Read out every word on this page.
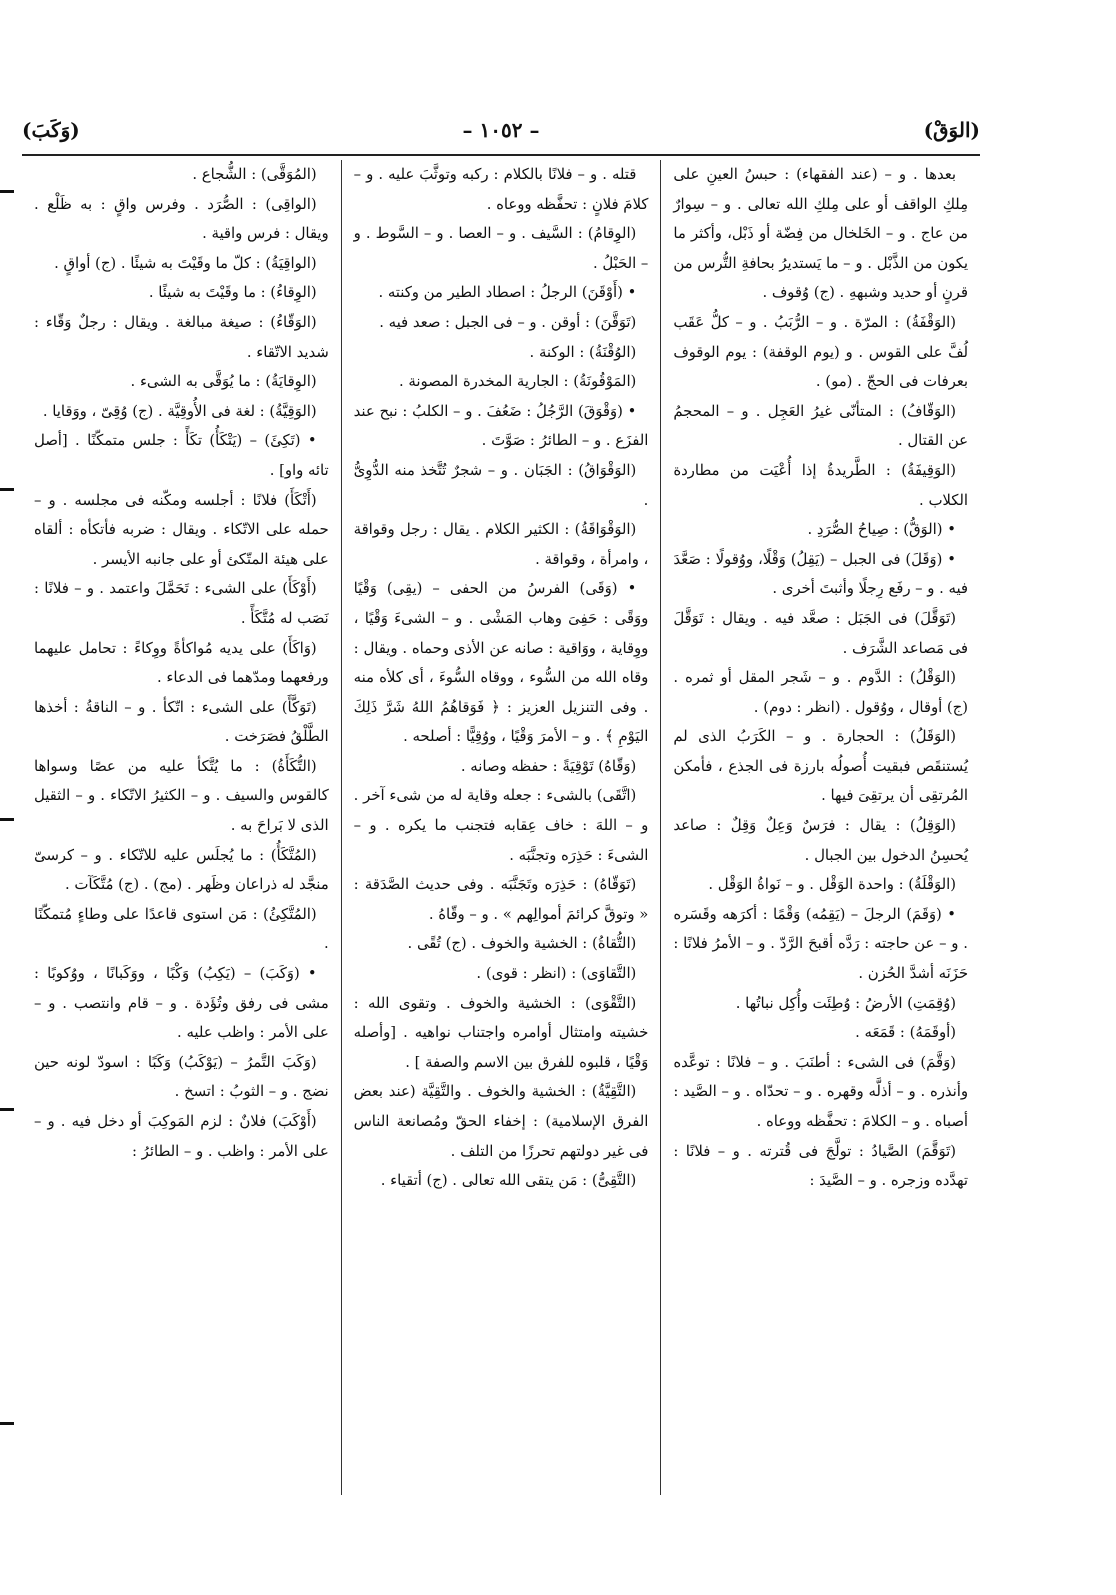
– ١٠٥٢ –	(الوَقْ)
(وَكَبَ)

بعدها . و – (عند الفقهاء) : حبسُ العينِ على مِلكِ الواقف أو على مِلكِ الله تعالى . و – سِوارٌ من عاج . و – الخَلخال من فِضّة أو ذَبْل، وأكثر ما يكون من الذَّبْل . و – ما يَستديرُ بحافةِ التُّرس من قرنٍ أو حديد وشبههِ . (ج) وُقوف .

(الوَقْفَةُ) : المرّة . و – الرُّبَبُ . و – كلُّ عَقَب لُفَّ على القوس . و (يوم الوقفة) : يوم الوقوف بعرفات فى الحجّ . (مو) .

(الوَقّافُ) : المتأنّى غيرُ العَجِل . و – المحجمُ عن القتال .

(الوَقِيفَةُ) : الطَّريدةُ إذا أُعْيَت من مطاردة الكلاب .

• (الوَقُّ) : صِياحُ الصُّرَدِ .

• (وَقَلَ) فى الجبل – (يَقِلُ) وَقْلًا، ووُقولًا : صَعَّدَ فيه . و – رفَع رِجلًا وأثبتَ أخرى .

(تَوَقَّلَ) فى الجَبَل : صعَّد فيه . ويقال : تَوَقَّلَ فى مَصاعد الشَّرَف .

(الوَقْلُ) : الدَّوم . و – شَجر المقل أو ثمره . (ج) أوقال ، ووُقول . (انظر : دوم) .

(الوَقَلُ) : الحجارة . و – الكَرَبُ الذى لم يُستنقَص فبقيت أُصولُه بارزة فى الجذع ، فأمكن المُرتقِى أن يرتقِىَ فيها .

(الوَقِلُ) : يقال : فرَسٌ وَعِلٌ وَقِلٌ : صاعد يُحسِنُ الدخول بين الجبال .

(الوَقْلَةُ) : واحدة الوَقْل . و – نَواةُ الوَقْل .

• (وَقَمَ) الرجلَ – (يَقِمُه) وَقْمًا : أكرَهه وقَسَره . و – عن حاجته : رَدَّه أقبحَ الرَّدّ . و – الأمرُ فلانًا : حَزَنَه أشدَّ الحُزن .

(وُقِمَتِ) الأرضُ : وُطِئَت وأُكِل نباتُها .

(أوقَمَهُ) : قَمَعَه .

(وَقَّمَ) فى الشىء : أطنَبَ . و – فلانًا : توعَّده وأنذره . و – أذلَّه وقهره . و – تحدّاه . و – الصَّيد : أصباه . و – الكلامَ : تحفَّظه ووعاه .

(تَوَقَّمَ) الصَّيادُ : تولَّجَ فى قُترته . و – فلانًا : تهدَّده وزجره . و – الصَّيدَ :

قتله . و – فلانًا بالكلام : ركبه وتوثَّبَ عليه . و – كلامَ فلانٍ : تحفَّظه ووعاه .

(الوِقامُ) : السَّيف . و – العصا . و – السَّوط . و – الحَبْلُ .

• (أَوْقَنَ) الرجلُ : اصطاد الطير من وكنته .

(تَوَقَّنَ) : أوقن . و – فى الجبل : صعد فيه .

(الوُقْنَةُ) : الوكنة .

(المَوْقُونَةُ) : الجارية المخدرة المصونة .

• (وَقْوَقَ) الرَّجُلُ : ضَعُفَ . و – الكلبُ : نبح عند الفزَع . و – الطائرُ : صَوَّتَ .

(الوَقْوَاقُ) : الجَبَان . و – شجرٌ تُتَّخذ منه الدُّوِىُّ .

(الوَقْوَاقَةُ) : الكثير الكلام . يقال : رجل وقواقة ، وامرأة ، وقواقة .

• (وَقَى) الفرسُ من الحفى – (يقِى) وَقْيًا ووَقًى : حَفِىَ وهاب المَشْى . و – الشىءَ وَقْيًا ، ووِقاية ، ووَاقية : صانه عن الأذى وحماه . ويقال : وقاه الله من السُّوء ، ووقاه السُّوءَ ، أى كلأه منه . وفى التنزيل العزيز : ﴿ فَوَقاهُمُ اللهُ شَرَّ ذَلِكَ اليَوْمِ ﴾ . و – الأمرَ وَقْيًا ، ووُقِيًّا : أصلحه .

(وَقّاهُ) تَوْقِيَةً : حفظه وصانه .

(اتَّقَى) بالشىء : جعله وقاية له من شىء آخر . و – اللهَ : خاف عِقابه فتجنب ما يكره . و – الشىءَ : حَذِرَه وتجنَّبَه .

(تَوَقّاهُ) : حَذِرَه وتَجَنَّبَه . وفى حديث الصَّدَقة : « وتوقَّ كرائمَ أموالِهم » . و – وقّاهُ .

(التُّقاةُ) : الخشية والخوف . (ج) تُقًى .

(التَّقاوَى) : (انظر : قوى) .

(التَّقْوَى) : الخشية والخوف . وتقوى الله : خشيته وامتثال أوامره واجتناب نواهيه . [وأصله وَقْيًا ، قلبوه للفرق بين الاسم والصفة ] .

(التَّقِيَّةُ) : الخشية والخوف . والتَّقِيَّة (عند بعض الفرق الإسلامية) : إخفاء الحقّ ومُصانعة الناس فى غير دولتهم تحرزًا من التلف .

(التَّقِىُّ) : مَن يتقى الله تعالى . (ج) أتقياء .

(المُوَقَّى) : الشُّجاع .

(الواقِى) : الصُّرَد . وفرس واقٍ : به ظَلْع . ويقال : فرس واقية .

(الواقِيَةُ) : كلّ ما وقَيْتَ به شيئًا . (ج) أواقٍ .

(الوِقاءُ) : ما وقَيْتَ به شيئًا .

(الوَقّاءُ) : صيغة مبالغة . ويقال : رجلٌ وَقّاء : شديد الاتّقاء .

(الوِقايَةُ) : ما يُوَقَّى به الشىء .

(الوَقِيَّةُ) : لغة فى الأُوقِيَّة . (ج) وُقِىّ ، ووَقايا .

• (تَكِئَ) – (يَتْكَأُ) تكَأً : جلس متمكّنًا . [أصل تائه واو] .

(أَتْكَأَ) فلانًا : أجلسه ومكّنه فى مجلسه . و – حمله على الاتّكاء . ويقال : ضربه فأتكأه : ألقاه على هيئة المتّكئ أو على جانبه الأيسر .

(أَوْكَأَ) على الشىء : تَحَمَّلَ واعتمد . و – فلانًا : نَصَب له مُتَّكَأً .

(وَاكَأَ) على يديه مُواكأةً ووِكاءً : تحامل عليهما ورفعهما ومدّهما فى الدعاء .

(تَوَكَّأَ) على الشىء : اتّكأ . و – الناقةُ : أخذها الطَّلْقُ فصَرَخت .

(التُّكَأَةُ) : ما يُتَّكأ عليه من عصًا وسواها كالقوس والسيف . و – الكثيرُ الاتّكاء . و – الثقيل الذى لا بَراحَ به .

(المُتَّكَأُ) : ما يُجلَس عليه للاتّكاء . و – كرسىّ منجَّد له ذراعان وظَهر . (مج) . (ج) مُتَّكَآت .

(المُتَّكِئُ) : مَن استوى قاعدًا على وطاءٍ مُتمكّنًا .

• (وَكَبَ) – (يَكِبُ) وَكْبًا ، ووَكَبانًا ، ووُكوبًا : مشى فى رفق وتُؤَدة . و – قام وانتصب . و – على الأمر : واظب عليه .

(وَكَبَ التَّمرُ – (يَوْكَبُ) وَكَبًا : اسودّ لونه حين نضج . و – الثوبُ : اتسخ .

(أَوْكَبَ) فلانٌ : لزم المَوكِبَ أو دخل فيه . و – على الأمر : واظب . و – الطائرُ :
